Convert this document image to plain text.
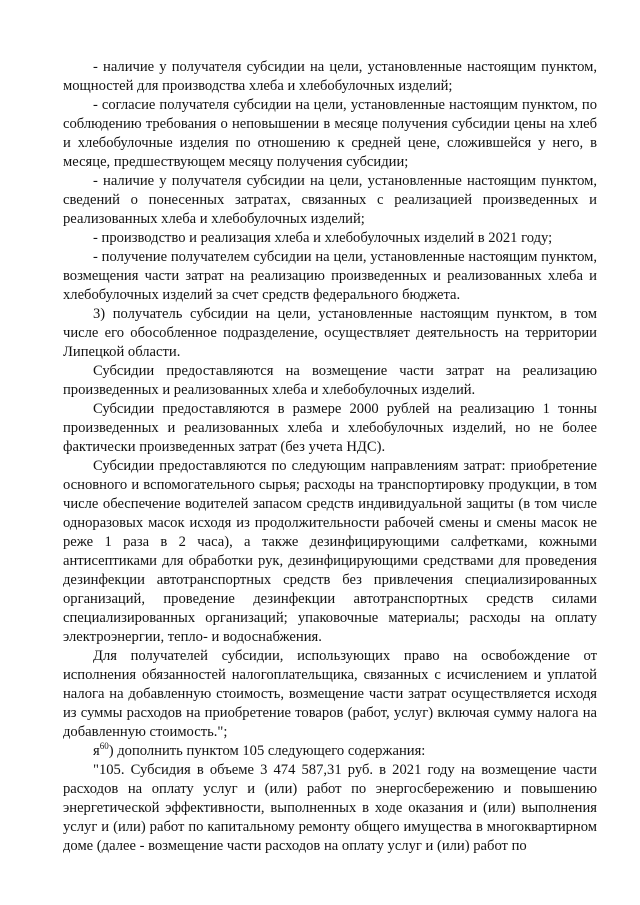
- наличие у получателя субсидии на цели, установленные настоящим пунктом, мощностей для производства хлеба и хлебобулочных изделий;

- согласие получателя субсидии на цели, установленные настоящим пунктом, по соблюдению требования о неповышении в месяце получения субсидии цены на хлеб и хлебобулочные изделия по отношению к средней цене, сложившейся у него, в месяце, предшествующем месяцу получения субсидии;

- наличие у получателя субсидии на цели, установленные настоящим пунктом, сведений о понесенных затратах, связанных с реализацией произведенных и реализованных хлеба и хлебобулочных изделий;

- производство и реализация хлеба и хлебобулочных изделий в 2021 году;

- получение получателем субсидии на цели, установленные настоящим пунктом, возмещения части затрат на реализацию произведенных и реализованных хлеба и хлебобулочных изделий за счет средств федерального бюджета.

3) получатель субсидии на цели, установленные настоящим пунктом, в том числе его обособленное подразделение, осуществляет деятельность на территории Липецкой области.

Субсидии предоставляются на возмещение части затрат на реализацию произведенных и реализованных хлеба и хлебобулочных изделий.

Субсидии предоставляются в размере 2000 рублей на реализацию 1 тонны произведенных и реализованных хлеба и хлебобулочных изделий, но не более фактически произведенных затрат (без учета НДС).

Субсидии предоставляются по следующим направлениям затрат: приобретение основного и вспомогательного сырья; расходы на транспортировку продукции, в том числе обеспечение водителей запасом средств индивидуальной защиты (в том числе одноразовых масок исходя из продолжительности рабочей смены и смены масок не реже 1 раза в 2 часа), а также дезинфицирующими салфетками, кожными антисептиками для обработки рук, дезинфицирующими средствами для проведения дезинфекции автотранспортных средств без привлечения специализированных организаций, проведение дезинфекции автотранспортных средств силами специализированных организаций; упаковочные материалы; расходы на оплату электроэнергии, тепло- и водоснабжения.

Для получателей субсидии, использующих право на освобождение от исполнения обязанностей налогоплательщика, связанных с исчислением и уплатой налога на добавленную стоимость, возмещение части затрат осуществляется исходя из суммы расходов на приобретение товаров (работ, услуг) включая сумму налога на добавленную стоимость.";

$я^{60}$) дополнить пунктом 105 следующего содержания:

"105. Субсидия в объеме 3 474 587,31 руб. в 2021 году на возмещение части расходов на оплату услуг и (или) работ по энергосбережению и повышению энергетической эффективности, выполненных в ходе оказания и (или) выполнения услуг и (или) работ по капитальному ремонту общего имущества в многоквартирном доме (далее - возмещение части расходов на оплату услуг и (или) работ по
